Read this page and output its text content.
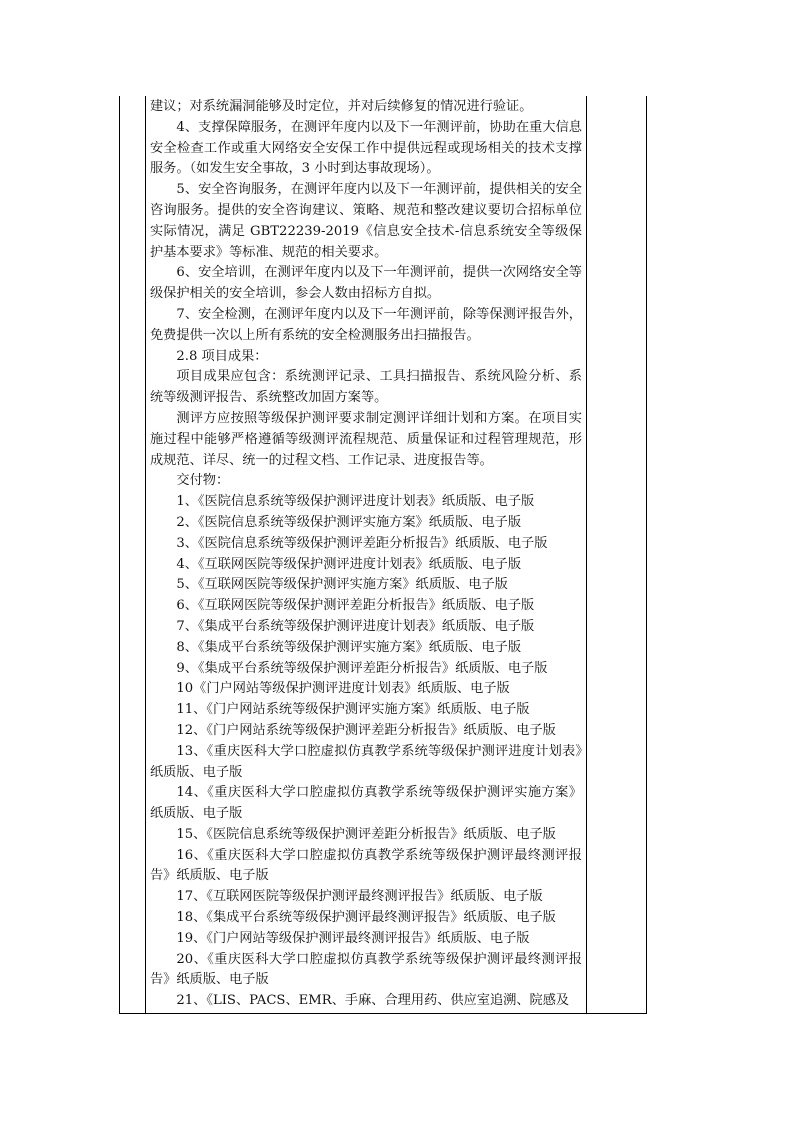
建议；对系统漏洞能够及时定位，并对后续修复的情况进行验证。

4、支撑保障服务，在测评年度内以及下一年测评前，协助在重大信息安全检查工作或重大网络安全安保工作中提供远程或现场相关的技术支撑服务。（如发生安全事故，3 小时到达事故现场）。

5、安全咨询服务，在测评年度内以及下一年测评前，提供相关的安全咨询服务。提供的安全咨询建议、策略、规范和整改建议要切合招标单位实际情况，满足 GBT22239-2019《信息安全技术-信息系统安全等级保护基本要求》等标准、规范的相关要求。

6、安全培训，在测评年度内以及下一年测评前，提供一次网络安全等级保护相关的安全培训，参会人数由招标方自拟。

7、安全检测，在测评年度内以及下一年测评前，除等保测评报告外，免费提供一次以上所有系统的安全检测服务出扫描报告。

2.8 项目成果：

项目成果应包含：系统测评记录、工具扫描报告、系统风险分析、系统等级测评报告、系统整改加固方案等。

测评方应按照等级保护测评要求制定测评详细计划和方案。在项目实施过程中能够严格遵循等级测评流程规范、质量保证和过程管理规范，形成规范、详尽、统一的过程文档、工作记录、进度报告等。

交付物：

1、《医院信息系统等级保护测评进度计划表》纸质版、电子版

2、《医院信息系统等级保护测评实施方案》纸质版、电子版

3、《医院信息系统等级保护测评差距分析报告》纸质版、电子版

4、《互联网医院等级保护测评进度计划表》纸质版、电子版

5、《互联网医院等级保护测评实施方案》纸质版、电子版

6、《互联网医院等级保护测评差距分析报告》纸质版、电子版

7、《集成平台系统等级保护测评进度计划表》纸质版、电子版

8、《集成平台系统等级保护测评实施方案》纸质版、电子版

9、《集成平台系统等级保护测评差距分析报告》纸质版、电子版

10《门户网站等级保护测评进度计划表》纸质版、电子版

11、《门户网站系统等级保护测评实施方案》纸质版、电子版

12、《门户网站系统等级保护测评差距分析报告》纸质版、电子版

13、《重庆医科大学口腔虚拟仿真教学系统等级保护测评进度计划表》纸质版、电子版

14、《重庆医科大学口腔虚拟仿真教学系统等级保护测评实施方案》纸质版、电子版

15、《医院信息系统等级保护测评差距分析报告》纸质版、电子版

16、《重庆医科大学口腔虚拟仿真教学系统等级保护测评最终测评报告》纸质版、电子版

17、《互联网医院等级保护测评最终测评报告》纸质版、电子版

18、《集成平台系统等级保护测评最终测评报告》纸质版、电子版

19、《门户网站等级保护测评最终测评报告》纸质版、电子版

20、《重庆医科大学口腔虚拟仿真教学系统等级保护测评最终测评报告》纸质版、电子版

21、《LIS、PACS、EMR、手麻、合理用药、供应室追溯、院感及
